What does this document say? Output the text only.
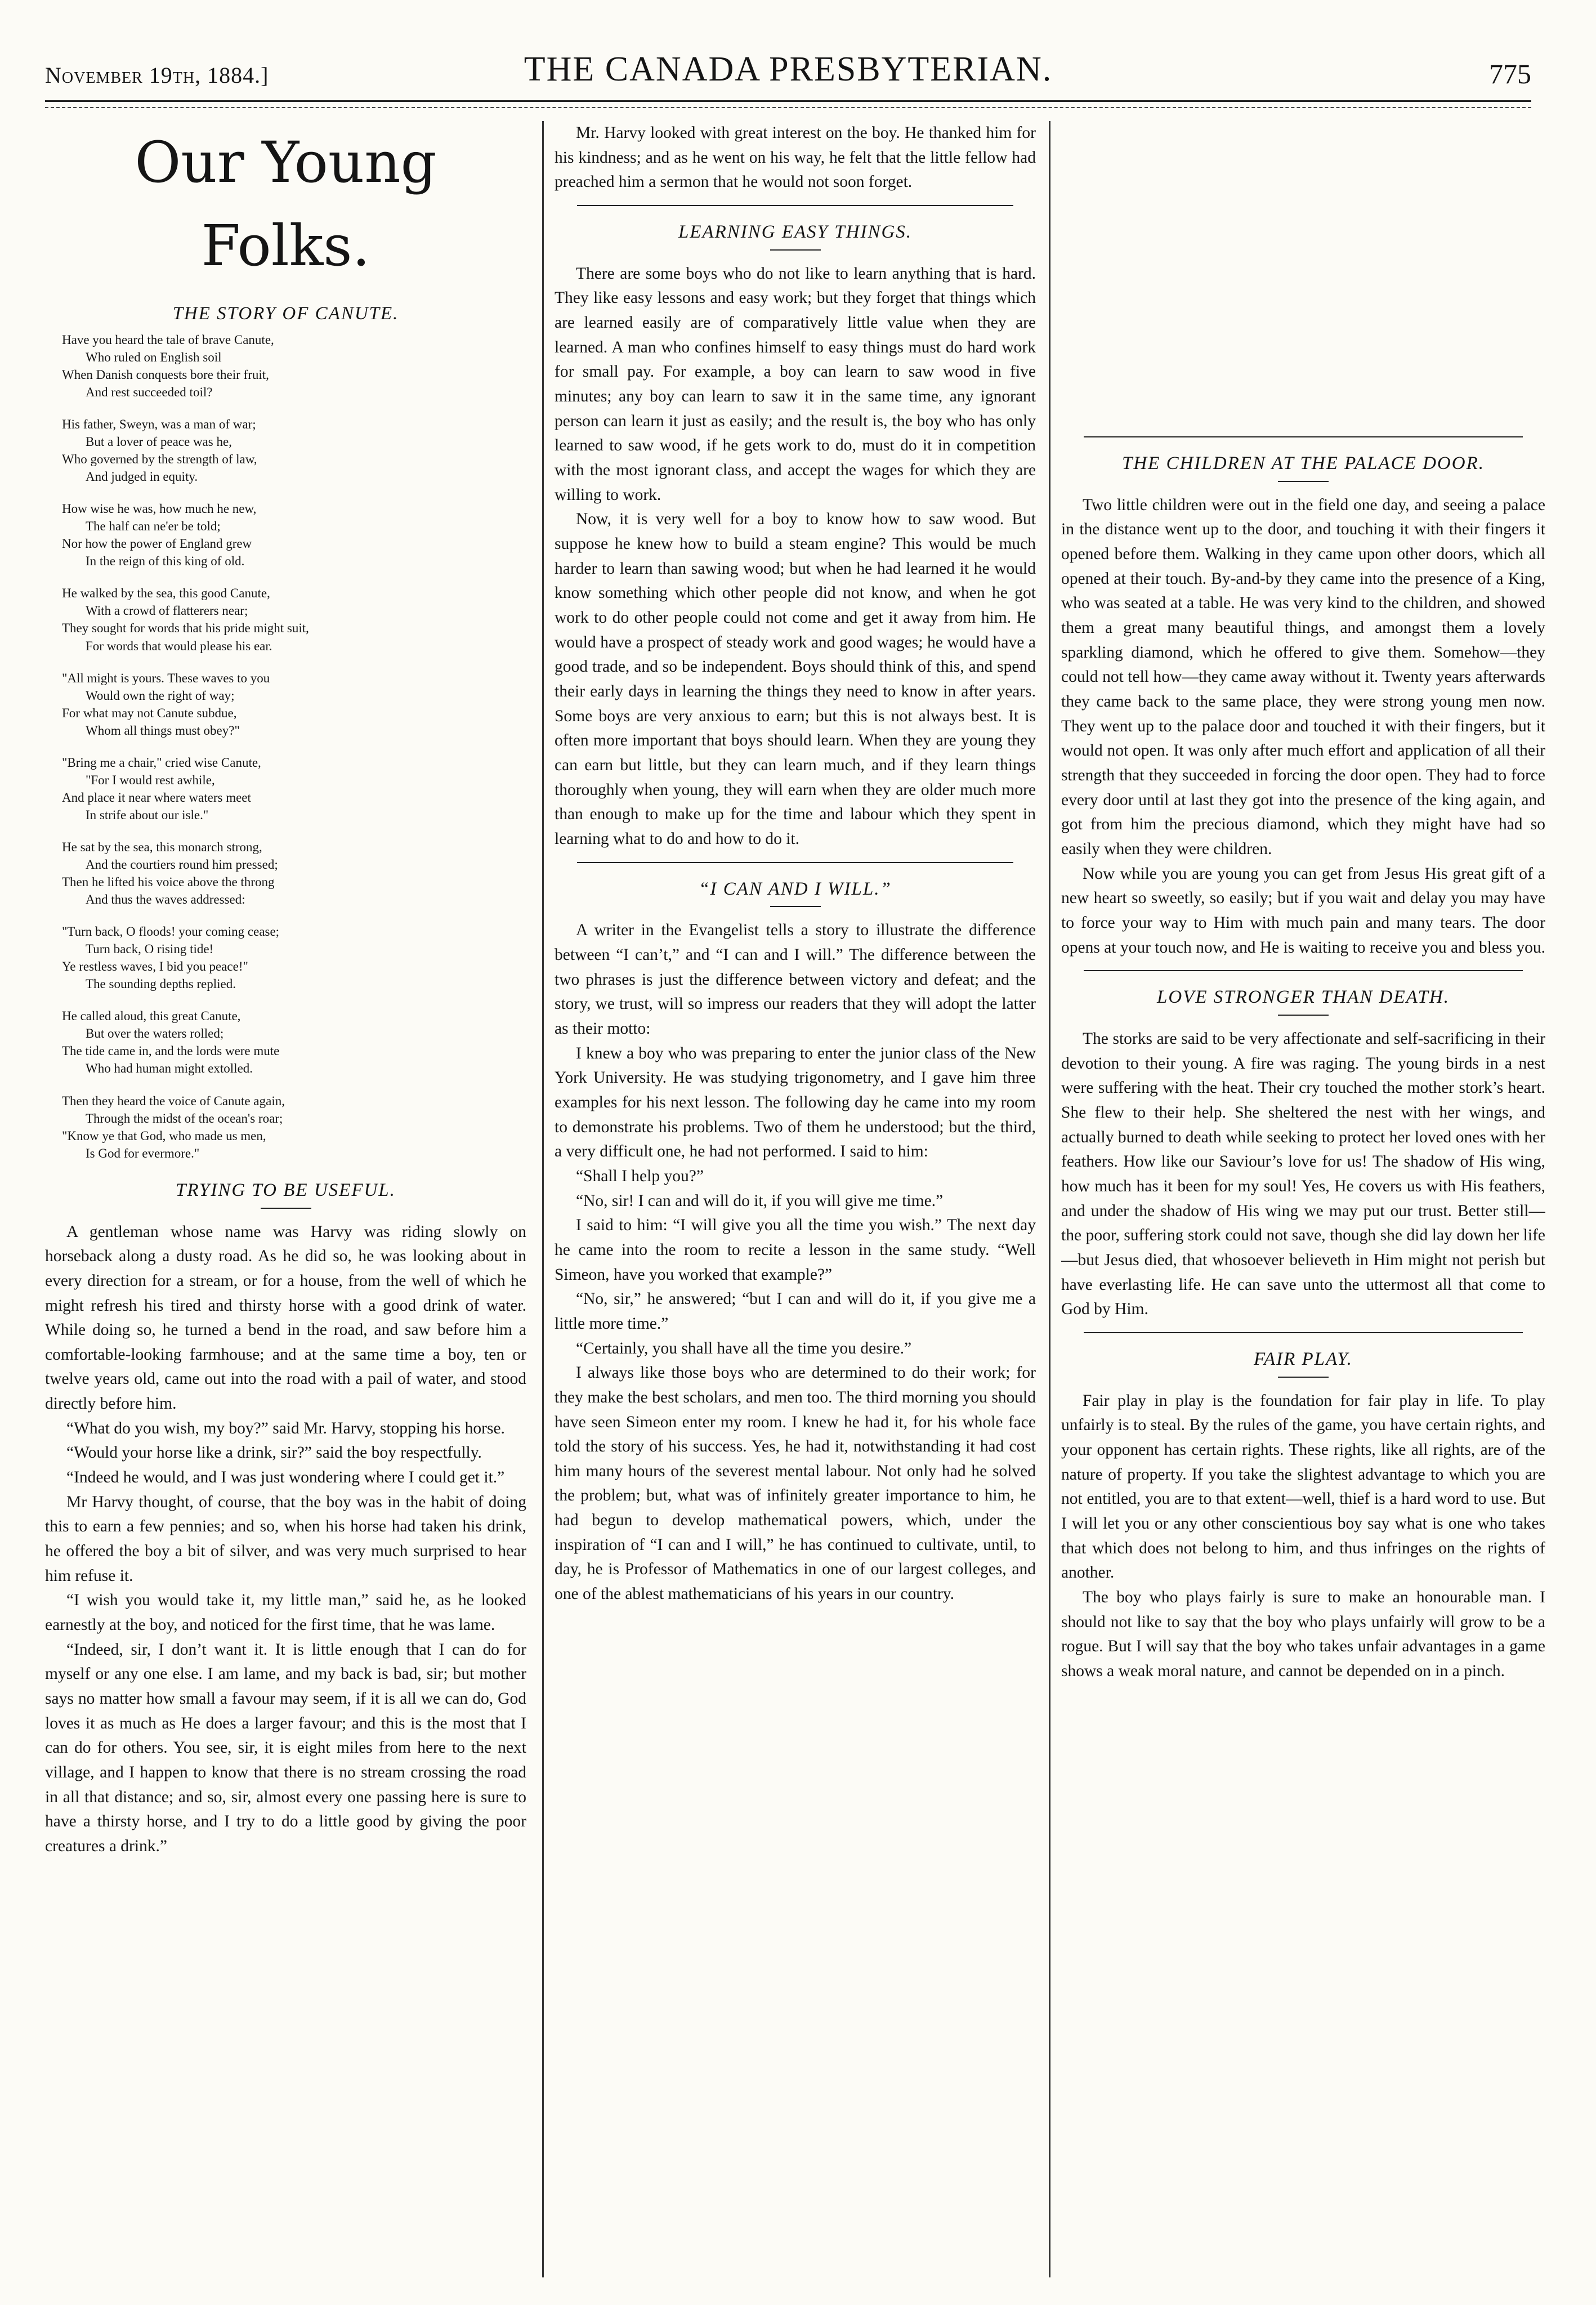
November 19th, 1884.]	THE CANADA PRESBYTERIAN.	775
Our Young Folks.
THE STORY OF CANUTE.
Have you heard the tale of brave Canute,
Who ruled on English soil
When Danish conquests bore their fruit,
And rest succeeded toil?
His father, Sweyn, was a man of war;
But a lover of peace was he,
Who governed by the strength of law,
And judged in equity.
How wise he was, how much he new,
The half can ne'er be told;
Nor how the power of England grew
In the reign of this king of old.
He walked by the sea, this good Canute,
With a crowd of flatterers near;
They sought for words that his pride might suit,
For words that would please his ear.
"All might is yours. These waves to you
Would own the right of way;
For what may not Canute subdue,
Whom all things must obey?"
"Bring me a chair," cried wise Canute,
"For I would rest awhile,
And place it near where waters meet
In strife about our isle."
He sat by the sea, this monarch strong,
And the courtiers round him pressed;
Then he lifted his voice above the throng
And thus the waves addressed:
"Turn back, O floods! your coming cease;
Turn back, O rising tide!
Ye restless waves, I bid you peace!"
The sounding depths replied.
He called aloud, this great Canute,
But over the waters rolled;
The tide came in, and the lords were mute
Who had human might extolled.
Then they heard the voice of Canute again,
Through the midst of the ocean's roar;
"Know ye that God, who made us men,
Is God for evermore."
TRYING TO BE USEFUL.

A gentleman whose name was Harvy was riding slowly on horseback along a dusty road. As he did so, he was looking about in every direction for a stream, or for a house, from the well of which he might refresh his tired and thirsty horse with a good drink of water. While doing so, he turned a bend in the road, and saw before him a comfortable-looking farmhouse; and at the same time a boy, ten or twelve years old, came out into the road with a pail of water, and stood directly before him.

“What do you wish, my boy?” said Mr. Harvy, stopping his horse.

“Would your horse like a drink, sir?” said the boy respectfully.

“Indeed he would, and I was just wondering where I could get it.”

Mr Harvy thought, of course, that the boy was in the habit of doing this to earn a few pennies; and so, when his horse had taken his drink, he offered the boy a bit of silver, and was very much surprised to hear him refuse it.

“I wish you would take it, my little man,” said he, as he looked earnestly at the boy, and noticed for the first time, that he was lame.

“Indeed, sir, I don’t want it. It is little enough that I can do for myself or any one else. I am lame, and my back is bad, sir; but mother says no matter how small a favour may seem, if it is all we can do, God loves it as much as He does a larger favour; and this is the most that I can do for others. You see, sir, it is eight miles from here to the next village, and I happen to know that there is no stream crossing the road in all that distance; and so, sir, almost every one passing here is sure to have a thirsty horse, and I try to do a little good by giving the poor creatures a drink.”

Mr. Harvy looked with great interest on the boy. He thanked him for his kindness; and as he went on his way, he felt that the little fellow had preached him a sermon that he would not soon forget.

LEARNING EASY THINGS.

There are some boys who do not like to learn anything that is hard. They like easy lessons and easy work; but they forget that things which are learned easily are of comparatively little value when they are learned. A man who confines himself to easy things must do hard work for small pay. For example, a boy can learn to saw wood in five minutes; any boy can learn to saw it in the same time, any ignorant person can learn it just as easily; and the result is, the boy who has only learned to saw wood, if he gets work to do, must do it in competition with the most ignorant class, and accept the wages for which they are willing to work.

Now, it is very well for a boy to know how to saw wood. But suppose he knew how to build a steam engine? This would be much harder to learn than sawing wood; but when he had learned it he would know something which other people did not know, and when he got work to do other people could not come and get it away from him. He would have a prospect of steady work and good wages; he would have a good trade, and so be independent. Boys should think of this, and spend their early days in learning the things they need to know in after years. Some boys are very anxious to earn; but this is not always best. It is often more important that boys should learn. When they are young they can earn but little, but they can learn much, and if they learn things thoroughly when young, they will earn when they are older much more than enough to make up for the time and labour which they spent in learning what to do and how to do it.

“I CAN AND I WILL.”

A writer in the Evangelist tells a story to illustrate the difference between “I can’t,” and “I can and I will.” The difference between the two phrases is just the difference between victory and defeat; and the story, we trust, will so impress our readers that they will adopt the latter as their motto:

I knew a boy who was preparing to enter the junior class of the New York University. He was studying trigonometry, and I gave him three examples for his next lesson. The following day he came into my room to demonstrate his problems. Two of them he understood; but the third, a very difficult one, he had not performed. I said to him:

“Shall I help you?”

“No, sir! I can and will do it, if you will give me time.”

I said to him: “I will give you all the time you wish.” The next day he came into the room to recite a lesson in the same study. “Well Simeon, have you worked that example?”

“No, sir,” he answered; “but I can and will do it, if you give me a little more time.”

“Certainly, you shall have all the time you desire.”

I always like those boys who are determined to do their work; for they make the best scholars, and men too. The third morning you should have seen Simeon enter my room. I knew he had it, for his whole face told the story of his success. Yes, he had it, notwithstanding it had cost him many hours of the severest mental labour. Not only had he solved the problem; but, what was of infinitely greater importance to him, he had begun to develop mathematical powers, which, under the inspiration of “I can and I will,” he has continued to cultivate, until, to day, he is Professor of Mathematics in one of our largest colleges, and one of the ablest mathematicians of his years in our country.

THE CHILDREN AT THE PALACE DOOR.

Two little children were out in the field one day, and seeing a palace in the distance went up to the door, and touching it with their fingers it opened before them. Walking in they came upon other doors, which all opened at their touch. By-and-by they came into the presence of a King, who was seated at a table. He was very kind to the children, and showed them a great many beautiful things, and amongst them a lovely sparkling diamond, which he offered to give them. Somehow—they could not tell how—they came away without it. Twenty years afterwards they came back to the same place, they were strong young men now. They went up to the palace door and touched it with their fingers, but it would not open. It was only after much effort and application of all their strength that they succeeded in forcing the door open. They had to force every door until at last they got into the presence of the king again, and got from him the precious diamond, which they might have had so easily when they were children.

Now while you are young you can get from Jesus His great gift of a new heart so sweetly, so easily; but if you wait and delay you may have to force your way to Him with much pain and many tears. The door opens at your touch now, and He is waiting to receive you and bless you.

LOVE STRONGER THAN DEATH.

The storks are said to be very affectionate and self-sacrificing in their devotion to their young. A fire was raging. The young birds in a nest were suffering with the heat. Their cry touched the mother stork’s heart. She flew to their help. She sheltered the nest with her wings, and actually burned to death while seeking to protect her loved ones with her feathers. How like our Saviour’s love for us! The shadow of His wing, how much has it been for my soul! Yes, He covers us with His feathers, and under the shadow of His wing we may put our trust. Better still—the poor, suffering stork could not save, though she did lay down her life—but Jesus died, that whosoever believeth in Him might not perish but have everlasting life. He can save unto the uttermost all that come to God by Him.

FAIR PLAY.

Fair play in play is the foundation for fair play in life. To play unfairly is to steal. By the rules of the game, you have certain rights, and your opponent has certain rights. These rights, like all rights, are of the nature of property. If you take the slightest advantage to which you are not entitled, you are to that extent—well, thief is a hard word to use. But I will let you or any other conscientious boy say what is one who takes that which does not belong to him, and thus infringes on the rights of another.

The boy who plays fairly is sure to make an honourable man. I should not like to say that the boy who plays unfairly will grow to be a rogue. But I will say that the boy who takes unfair advantages in a game shows a weak moral nature, and cannot be depended on in a pinch.
